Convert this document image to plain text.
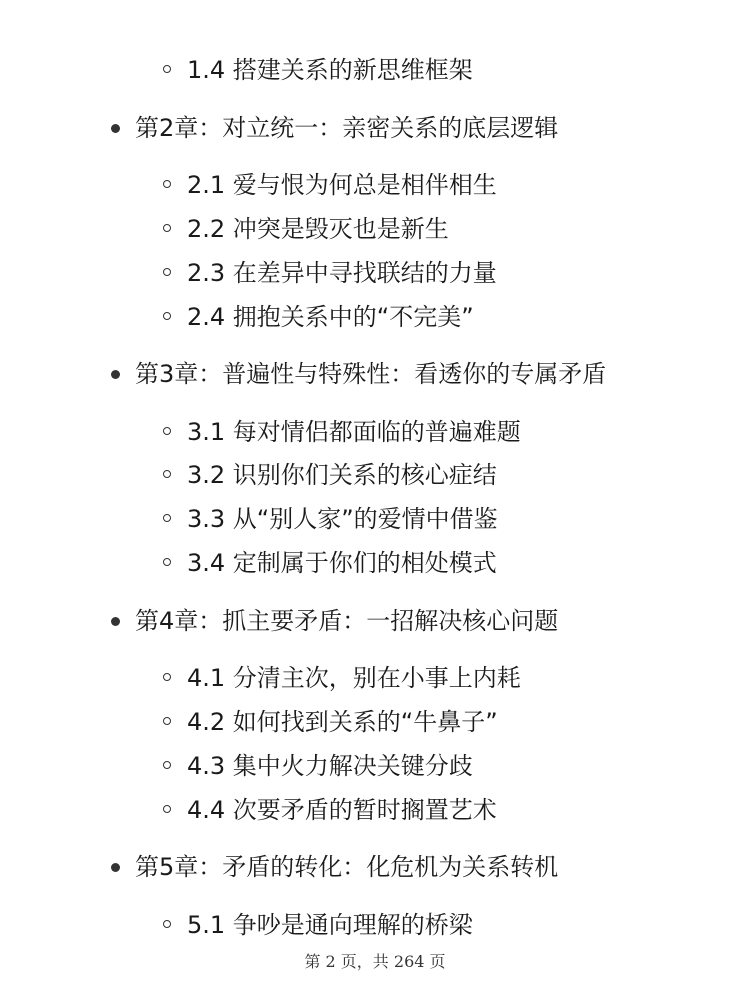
1.4 搭建关系的新思维框架
第2章：对立统一：亲密关系的底层逻辑
2.1 爱与恨为何总是相伴相生
2.2 冲突是毁灭也是新生
2.3 在差异中寻找联结的力量
2.4 拥抱关系中的“不完美”
第3章：普遍性与特殊性：看透你的专属矛盾
3.1 每对情侣都面临的普遍难题
3.2 识别你们关系的核心症结
3.3 从“别人家”的爱情中借鉴
3.4 定制属于你们的相处模式
第4章：抓主要矛盾：一招解决核心问题
4.1 分清主次，别在小事上内耗
4.2 如何找到关系的“牛鼻子”
4.3 集中火力解决关键分歧
4.4 次要矛盾的暂时搁置艺术
第5章：矛盾的转化：化危机为关系转机
5.1 争吵是通向理解的桥梁
第 2 页，共 264 页
